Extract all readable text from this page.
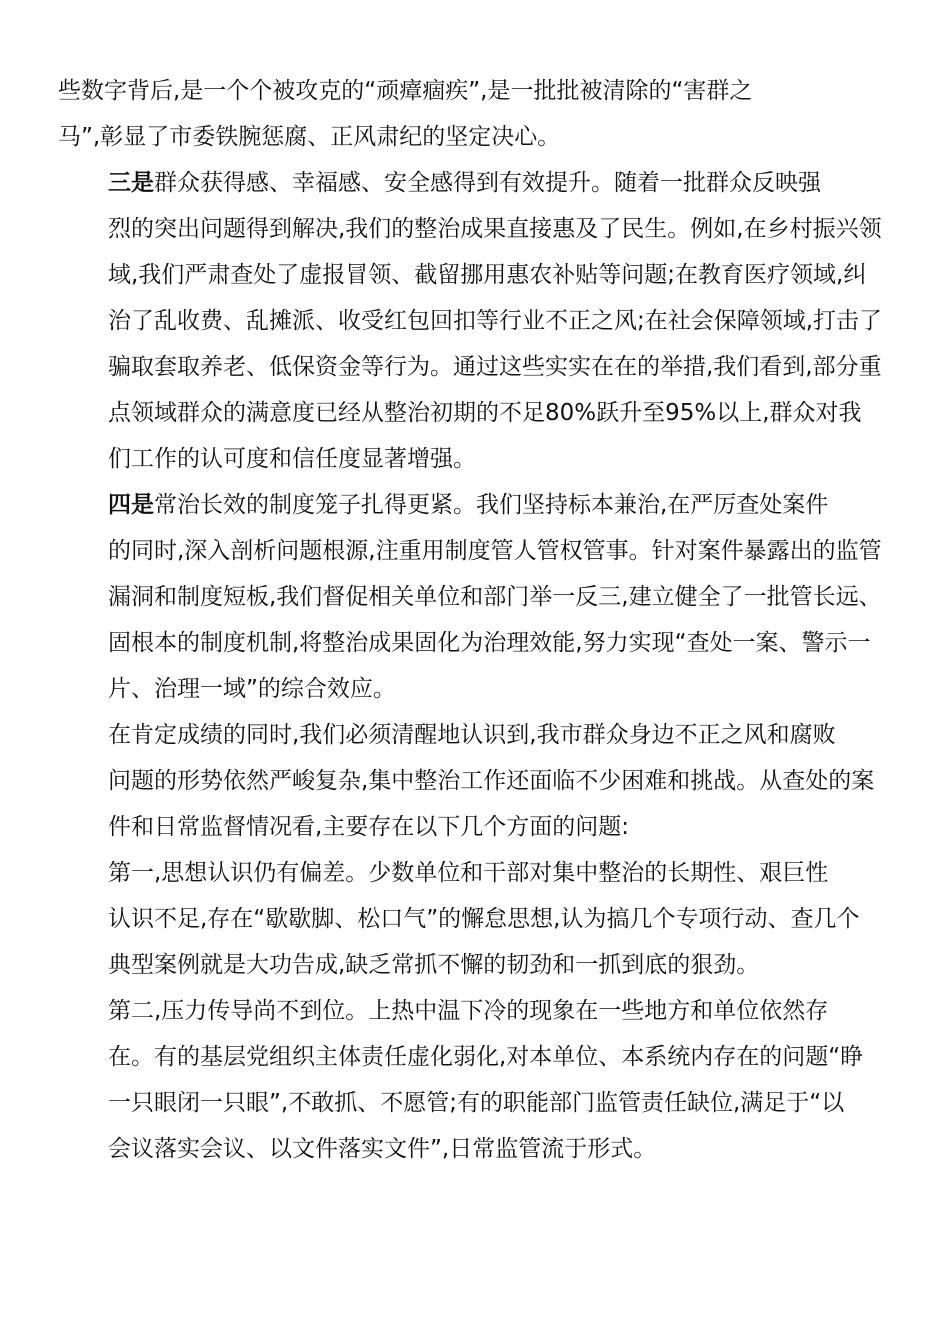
些数字背后,是一个个被攻克的“顽瘴痼疾”,是一批批被清除的“害群之
马”,彰显了市委铁腕惩腐、正风肃纪的坚定决心。

三是群众获得感、幸福感、安全感得到有效提升。随着一批群众反映强
烈的突出问题得到解决,我们的整治成果直接惠及了民生。例如,在乡村振兴领
域,我们严肃查处了虚报冒领、截留挪用惠农补贴等问题;在教育医疗领域,纠
治了乱收费、乱摊派、收受红包回扣等行业不正之风;在社会保障领域,打击了
骗取套取养老、低保资金等行为。通过这些实实在在的举措,我们看到,部分重
点领域群众的满意度已经从整治初期的不足80%跃升至95%以上,群众对我
们工作的认可度和信任度显著增强。

四是常治长效的制度笼子扎得更紧。我们坚持标本兼治,在严厉查处案件
的同时,深入剖析问题根源,注重用制度管人管权管事。针对案件暴露出的监管
漏洞和制度短板,我们督促相关单位和部门举一反三,建立健全了一批管长远、
固根本的制度机制,将整治成果固化为治理效能,努力实现“查处一案、警示一
片、治理一域”的综合效应。

在肯定成绩的同时,我们必须清醒地认识到,我市群众身边不正之风和腐败
问题的形势依然严峻复杂,集中整治工作还面临不少困难和挑战。从查处的案
件和日常监督情况看,主要存在以下几个方面的问题:

第一,思想认识仍有偏差。少数单位和干部对集中整治的长期性、艰巨性
认识不足,存在“歇歇脚、松口气”的懈怠思想,认为搞几个专项行动、查几个
典型案例就是大功告成,缺乏常抓不懈的韧劲和一抓到底的狠劲。

第二,压力传导尚不到位。上热中温下冷的现象在一些地方和单位依然存
在。有的基层党组织主体责任虚化弱化,对本单位、本系统内存在的问题“睁
一只眼闭一只眼”,不敢抓、不愿管;有的职能部门监管责任缺位,满足于“以
会议落实会议、以文件落实文件”,日常监管流于形式。
